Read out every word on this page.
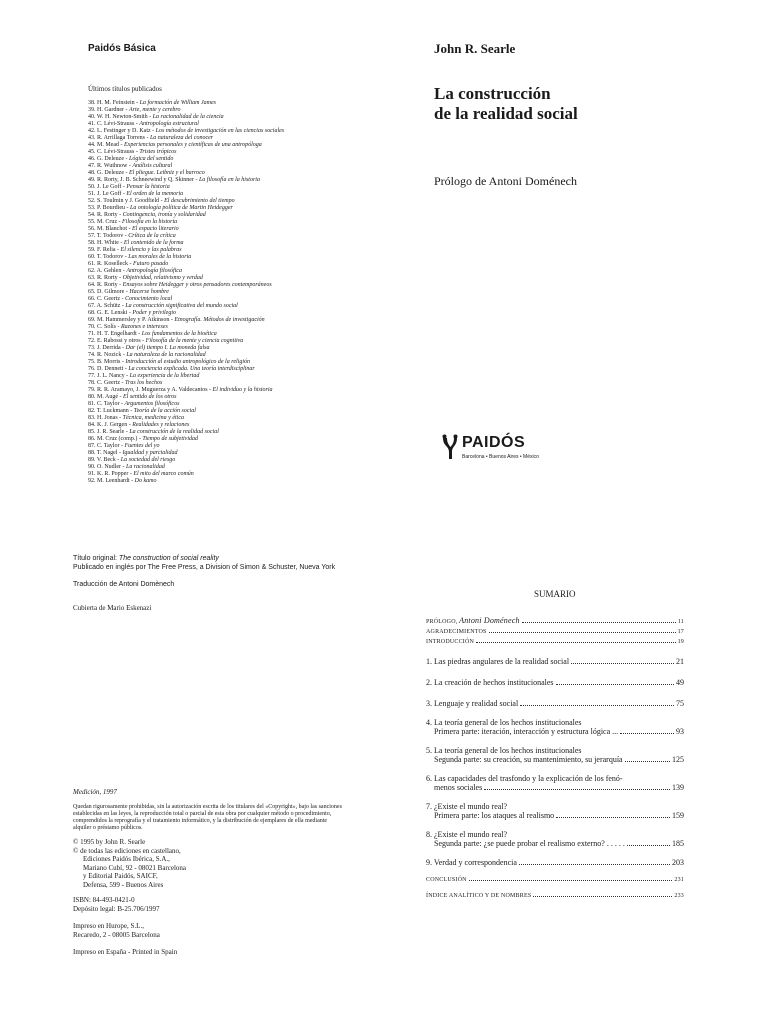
Paidós Básica
Últimos títulos publicados
38. H. M. Feinstein - La formación de William James
39. H. Gardner - Arte, mente y cerebro
40. W. H. Newton-Smith - La racionalidad de la ciencia
41. C. Lévi-Strauss - Antropología estructural
42. L. Festinger y D. Katz - Los métodos de investigación en las ciencias sociales
43. R. Arrillaga Torrens - La naturaleza del conocer
44. M. Mead - Experiencias personales y científicas de una antropóloga
45. C. Lévi-Strauss - Tristes trópicos
46. G. Deleuze - Lógica del sentido
47. R. Wuthnow - Análisis cultural
48. G. Deleuze - El pliegue. Leibniz y el barroco
49. R. Rorty, J. B. Schneewind y Q. Skinner - La filosofía en la historia
50. J. Le Goff - Pensar la historia
51. J. Le Goff - El orden de la memoria
52. S. Toulmin y J. Goodfield - El descubrimiento del tiempo
53. P. Bourdieu - La ontología política de Martin Heidegger
54. R. Rorty - Contingencia, ironía y solidaridad
55. M. Cruz - Filosofía en la historia
56. M. Blanchot - El espacio literario
57. T. Todorov - Crítica de la crítica
58. H. White - El contenido de la forma
59. F. Relia - El silencio y las palabras
60. T. Todorov - Las morales de la historia
61. R. Koselleck - Futuro pasado
62. A. Gehlen - Antropología filosófica
63. R. Rorty - Objetividad, relativismo y verdad
64. R. Rorty - Ensayos sobre Heidegger y otros pensadores contemporáneos
65. D. Gilmore - Hacerse hombre
66. C. Geertz - Conocimiento local
67. A. Schütz - La construcción significativa del mundo social
68. G. E. Lenski - Poder y privilegio
69. M. Hammersley y P. Atkinson - Etnografía. Métodos de investigación
70. C. Solís - Razones e intereses
71. H. T. Engelhardt - Los fundamentos de la bioética
72. E. Rabossi y otros - Filosofía de la mente y ciencia cognitiva
73. J. Derrida - Dar (el) tiempo I. La moneda falsa
74. R. Nozick - La naturaleza de la racionalidad
75. B. Morris - Introducción al estudio antropológico de la religión
76. D. Dennett - La conciencia explicada. Una teoría interdisciplinar
77. J. L. Nancy - La experiencia de la libertad
78. C. Geertz - Tras los hechos
79. R. R. Aramayo, J. Muguerza y A. Valdecantos - El individuo y la historia
80. M. Augé - El sentido de los otros
81. C. Taylor - Argumentos filosóficos
82. T. Luckmann - Teoría de la acción social
83. H. Jonas - Técnica, medicina y ética
84. K. J. Gergen - Realidades y relaciones
85. J. R. Searle - La construcción de la realidad social
86. M. Cruz (comp.) - Tiempo de subjetividad
87. C. Taylor - Fuentes del yo
88. T. Nagel - Igualdad y parcialidad
89. V. Beck - La sociedad del riesgo
90. O. Nudler - La racionalidad
91. K. R. Popper - El mito del marco común
92. M. Leenhardt - Do kamo
Título original: The construction of social reality
Publicado en inglés por The Free Press, a Division of Simon & Schuster, Nueva York
Traducción de Antoni Domènech
Cubierta de Mario Eskenazi
Medición, 1997
Quedan rigurosamente prohibidas, sin la autorización escrita de los titulares del «Copyright», bajo las sanciones establecidas en las leyes, la reproducción total o parcial de esta obra por cualquier método o procedimiento, comprendidos la reprografía y el tratamiento informático, y la distribución de ejemplares de ella mediante alquiler o préstamo públicos.
© 1995 by John R. Searle
© de todas las ediciones en castellano,
Ediciones Paidós Ibérica, S.A.,
Mariano Cubí, 92 - 08021 Barcelona
y Editorial Paidós, SAICF,
Defensa, 599 - Buenos Aires
ISBN: 84-493-0421-0
Depósito legal: B-25.706/1997
Impreso en Hurope, S.L.,
Recaredo, 2 - 08005 Barcelona
Impreso en España - Printed in Spain
John R. Searle
La construcción
de la realidad social
Prólogo de Antoni Doménech
PAIDÓS
Barcelona • Buenos Aires • México
SUMARIO
PRÓLOGO, Antoni Doménech	11
AGRADECIMIENTOS	17
INTRODUCCIÓN	19
1. Las piedras angulares de la realidad social	21
2. La creación de hechos institucionales	49
3. Lenguaje y realidad social	75
4. La teoría general de los hechos institucionales
Primera parte: iteración, interacción y estructura lógica ...	93
5. La teoría general de los hechos institucionales
Segunda parte: su creación, su mantenimiento, su jerarquía	125
6. Las capacidades del trasfondo y la explicación de los fenó-
menos sociales	139
7. ¿Existe el mundo real?
Primera parte: los ataques al realismo	159
8. ¿Existe el mundo real?
Segunda parte: ¿se puede probar el realismo externo? . . . . .	185
9. Verdad y correspondencia	203
CONCLUSIÓN	231
ÍNDICE ANALÍTICO Y DE NOMBRES	233
